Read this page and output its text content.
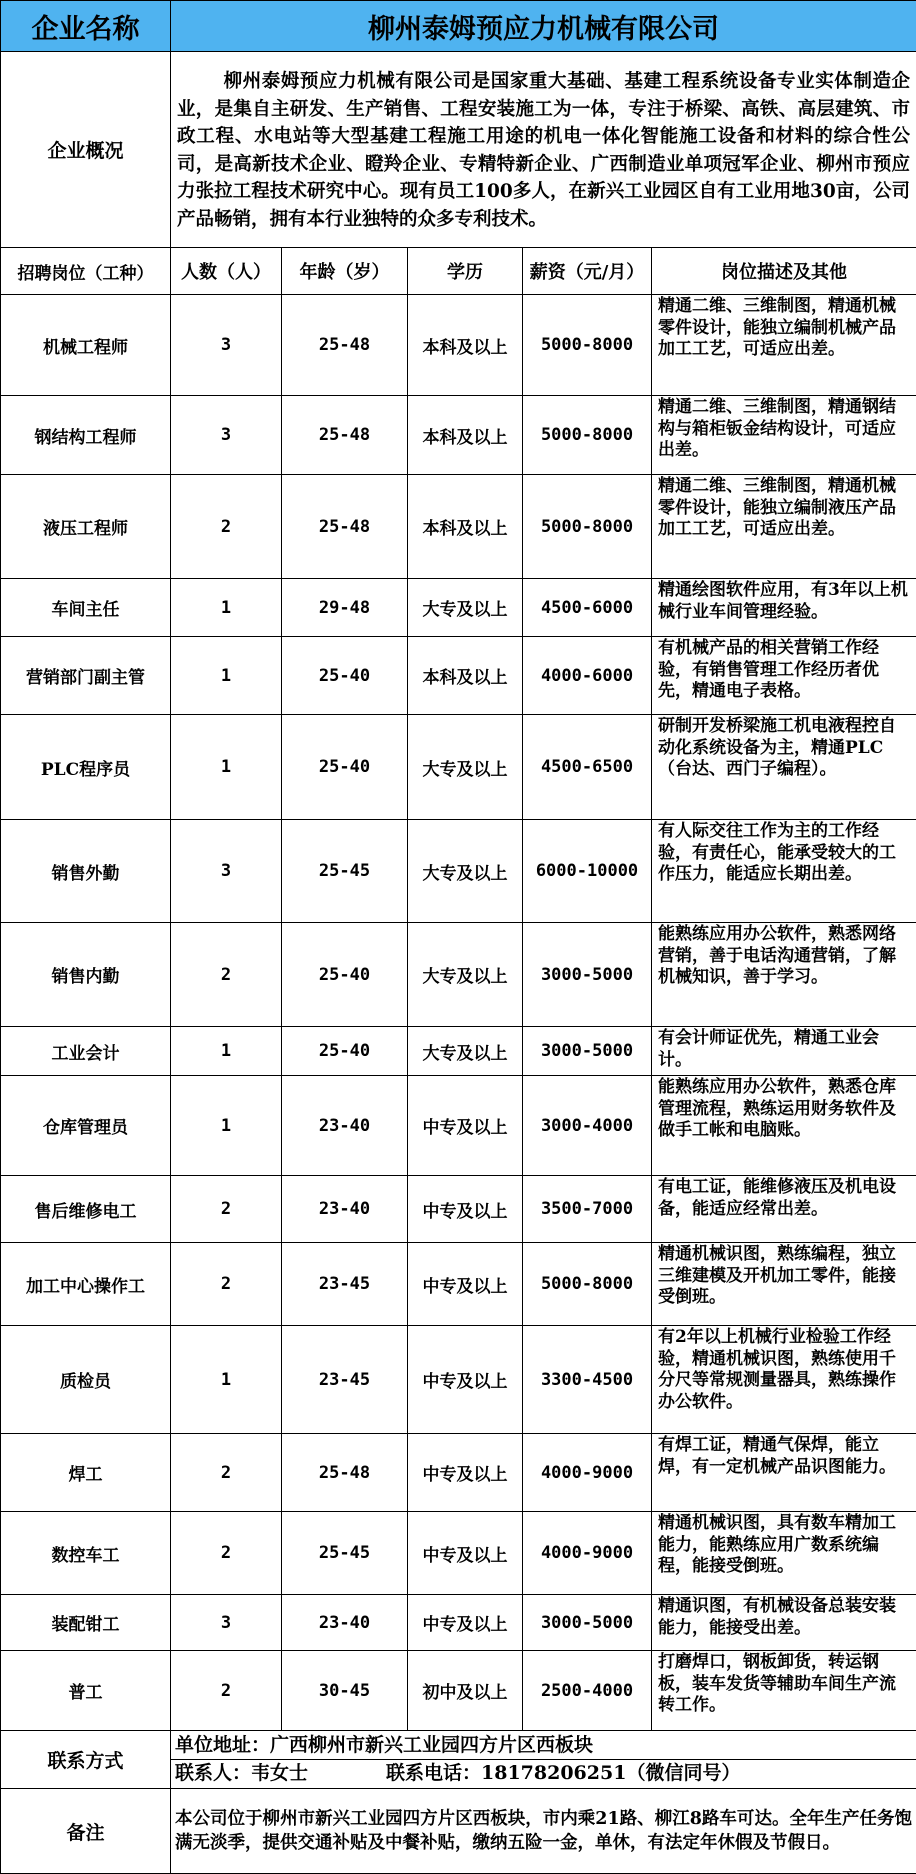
企业名称	柳州泰姆预应力机械有限公司				
企业概况	柳州泰姆预应力机械有限公司是国家重大基础、基建工程系统设备专业实体制造企业，是集自主研发、生产销售、工程安装施工为一体，专注于桥梁、高铁、高层建筑、市政工程、水电站等大型基建工程施工用途的机电一体化智能施工设备和材料的综合性公司，是高新技术企业、瞪羚企业、专精特新企业、广西制造业单项冠军企业、柳州市预应力张拉工程技术研究中心。现有员工100多人，在新兴工业园区自有工业用地30亩，公司产品畅销，拥有本行业独特的众多专利技术。				
招聘岗位（工种）	人数（人）	年龄（岁）	学历	薪资（元/月）	岗位描述及其他
机械工程师	3	25-48	本科及以上	5000-8000	精通二维、三维制图，精通机械零件设计，能独立编制机械产品加工工艺，可适应出差。
钢结构工程师	3	25-48	本科及以上	5000-8000	精通二维、三维制图，精通钢结构与箱柜钣金结构设计，可适应出差。
液压工程师	2	25-48	本科及以上	5000-8000	精通二维、三维制图，精通机械零件设计，能独立编制液压产品加工工艺，可适应出差。
车间主任	1	29-48	大专及以上	4500-6000	精通绘图软件应用，有3年以上机械行业车间管理经验。
营销部门副主管	1	25-40	本科及以上	4000-6000	有机械产品的相关营销工作经验，有销售管理工作经历者优先，精通电子表格。
PLC程序员	1	25-40	大专及以上	4500-6500	研制开发桥梁施工机电液程控自动化系统设备为主，精通PLC（台达、西门子编程）。
销售外勤	3	25-45	大专及以上	6000-10000	有人际交往工作为主的工作经验，有责任心，能承受较大的工作压力，能适应长期出差。
销售内勤	2	25-40	大专及以上	3000-5000	能熟练应用办公软件，熟悉网络营销，善于电话沟通营销，了解机械知识，善于学习。
工业会计	1	25-40	大专及以上	3000-5000	有会计师证优先，精通工业会计。
仓库管理员	1	23-40	中专及以上	3000-4000	能熟练应用办公软件，熟悉仓库管理流程，熟练运用财务软件及做手工帐和电脑账。
售后维修电工	2	23-40	中专及以上	3500-7000	有电工证，能维修液压及机电设备，能适应经常出差。
加工中心操作工	2	23-45	中专及以上	5000-8000	精通机械识图，熟练编程，独立三维建模及开机加工零件，能接受倒班。
质检员	1	23-45	中专及以上	3300-4500	有2年以上机械行业检验工作经验，精通机械识图，熟练使用千分尺等常规测量器具，熟练操作办公软件。
焊工	2	25-48	中专及以上	4000-9000	有焊工证，精通气保焊，能立焊，有一定机械产品识图能力。
数控车工	2	25-45	中专及以上	4000-9000	精通机械识图，具有数车精加工能力，能熟练应用广数系统编程，能接受倒班。
装配钳工	3	23-40	中专及以上	3000-5000	精通识图，有机械设备总装安装能力，能接受出差。
普工	2	30-45	初中及以上	2500-4000	打磨焊口，钢板卸货，转运钢板，装车发货等辅助车间生产流转工作。
联系方式	单位地址：广西柳州市新兴工业园四方片区西板块
联系人：韦女士 联系电话：18178206251（微信同号）				

备注	本公司位于柳州市新兴工业园四方片区西板块，市内乘21路、柳江8路车可达。全年生产任务饱满无淡季，提供交通补贴及中餐补贴，缴纳五险一金，单休，有法定年休假及节假日。				
